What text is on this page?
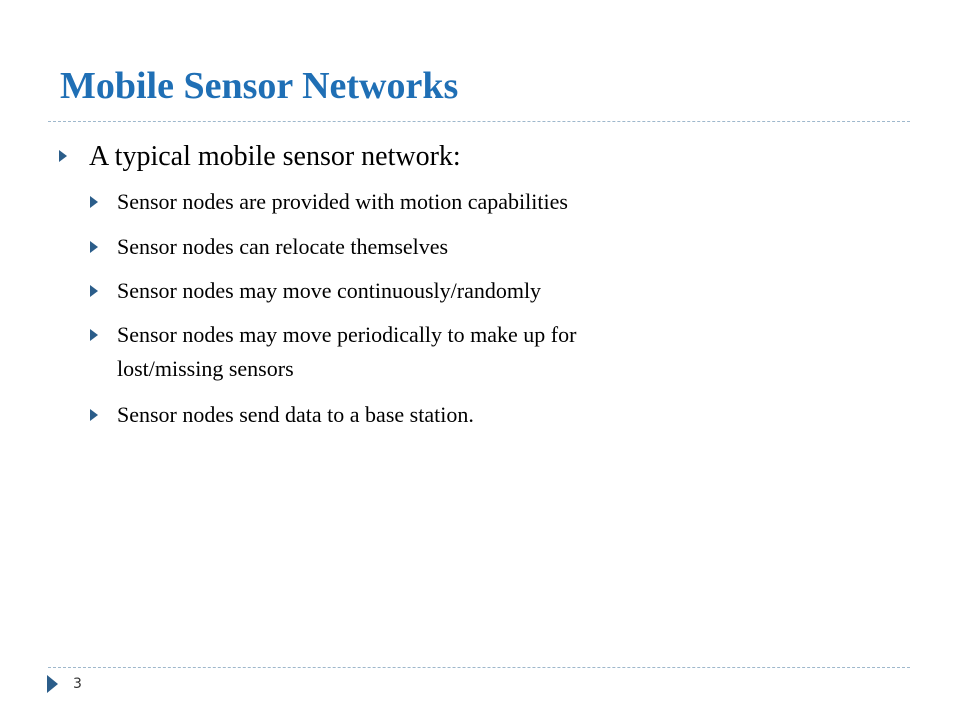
Mobile Sensor Networks
A typical mobile sensor network:
Sensor nodes are provided with motion capabilities
Sensor nodes can relocate themselves
Sensor nodes may move continuously/randomly
Sensor nodes may move periodically to make up for
lost/missing sensors
Sensor nodes send data to a base station.
3
